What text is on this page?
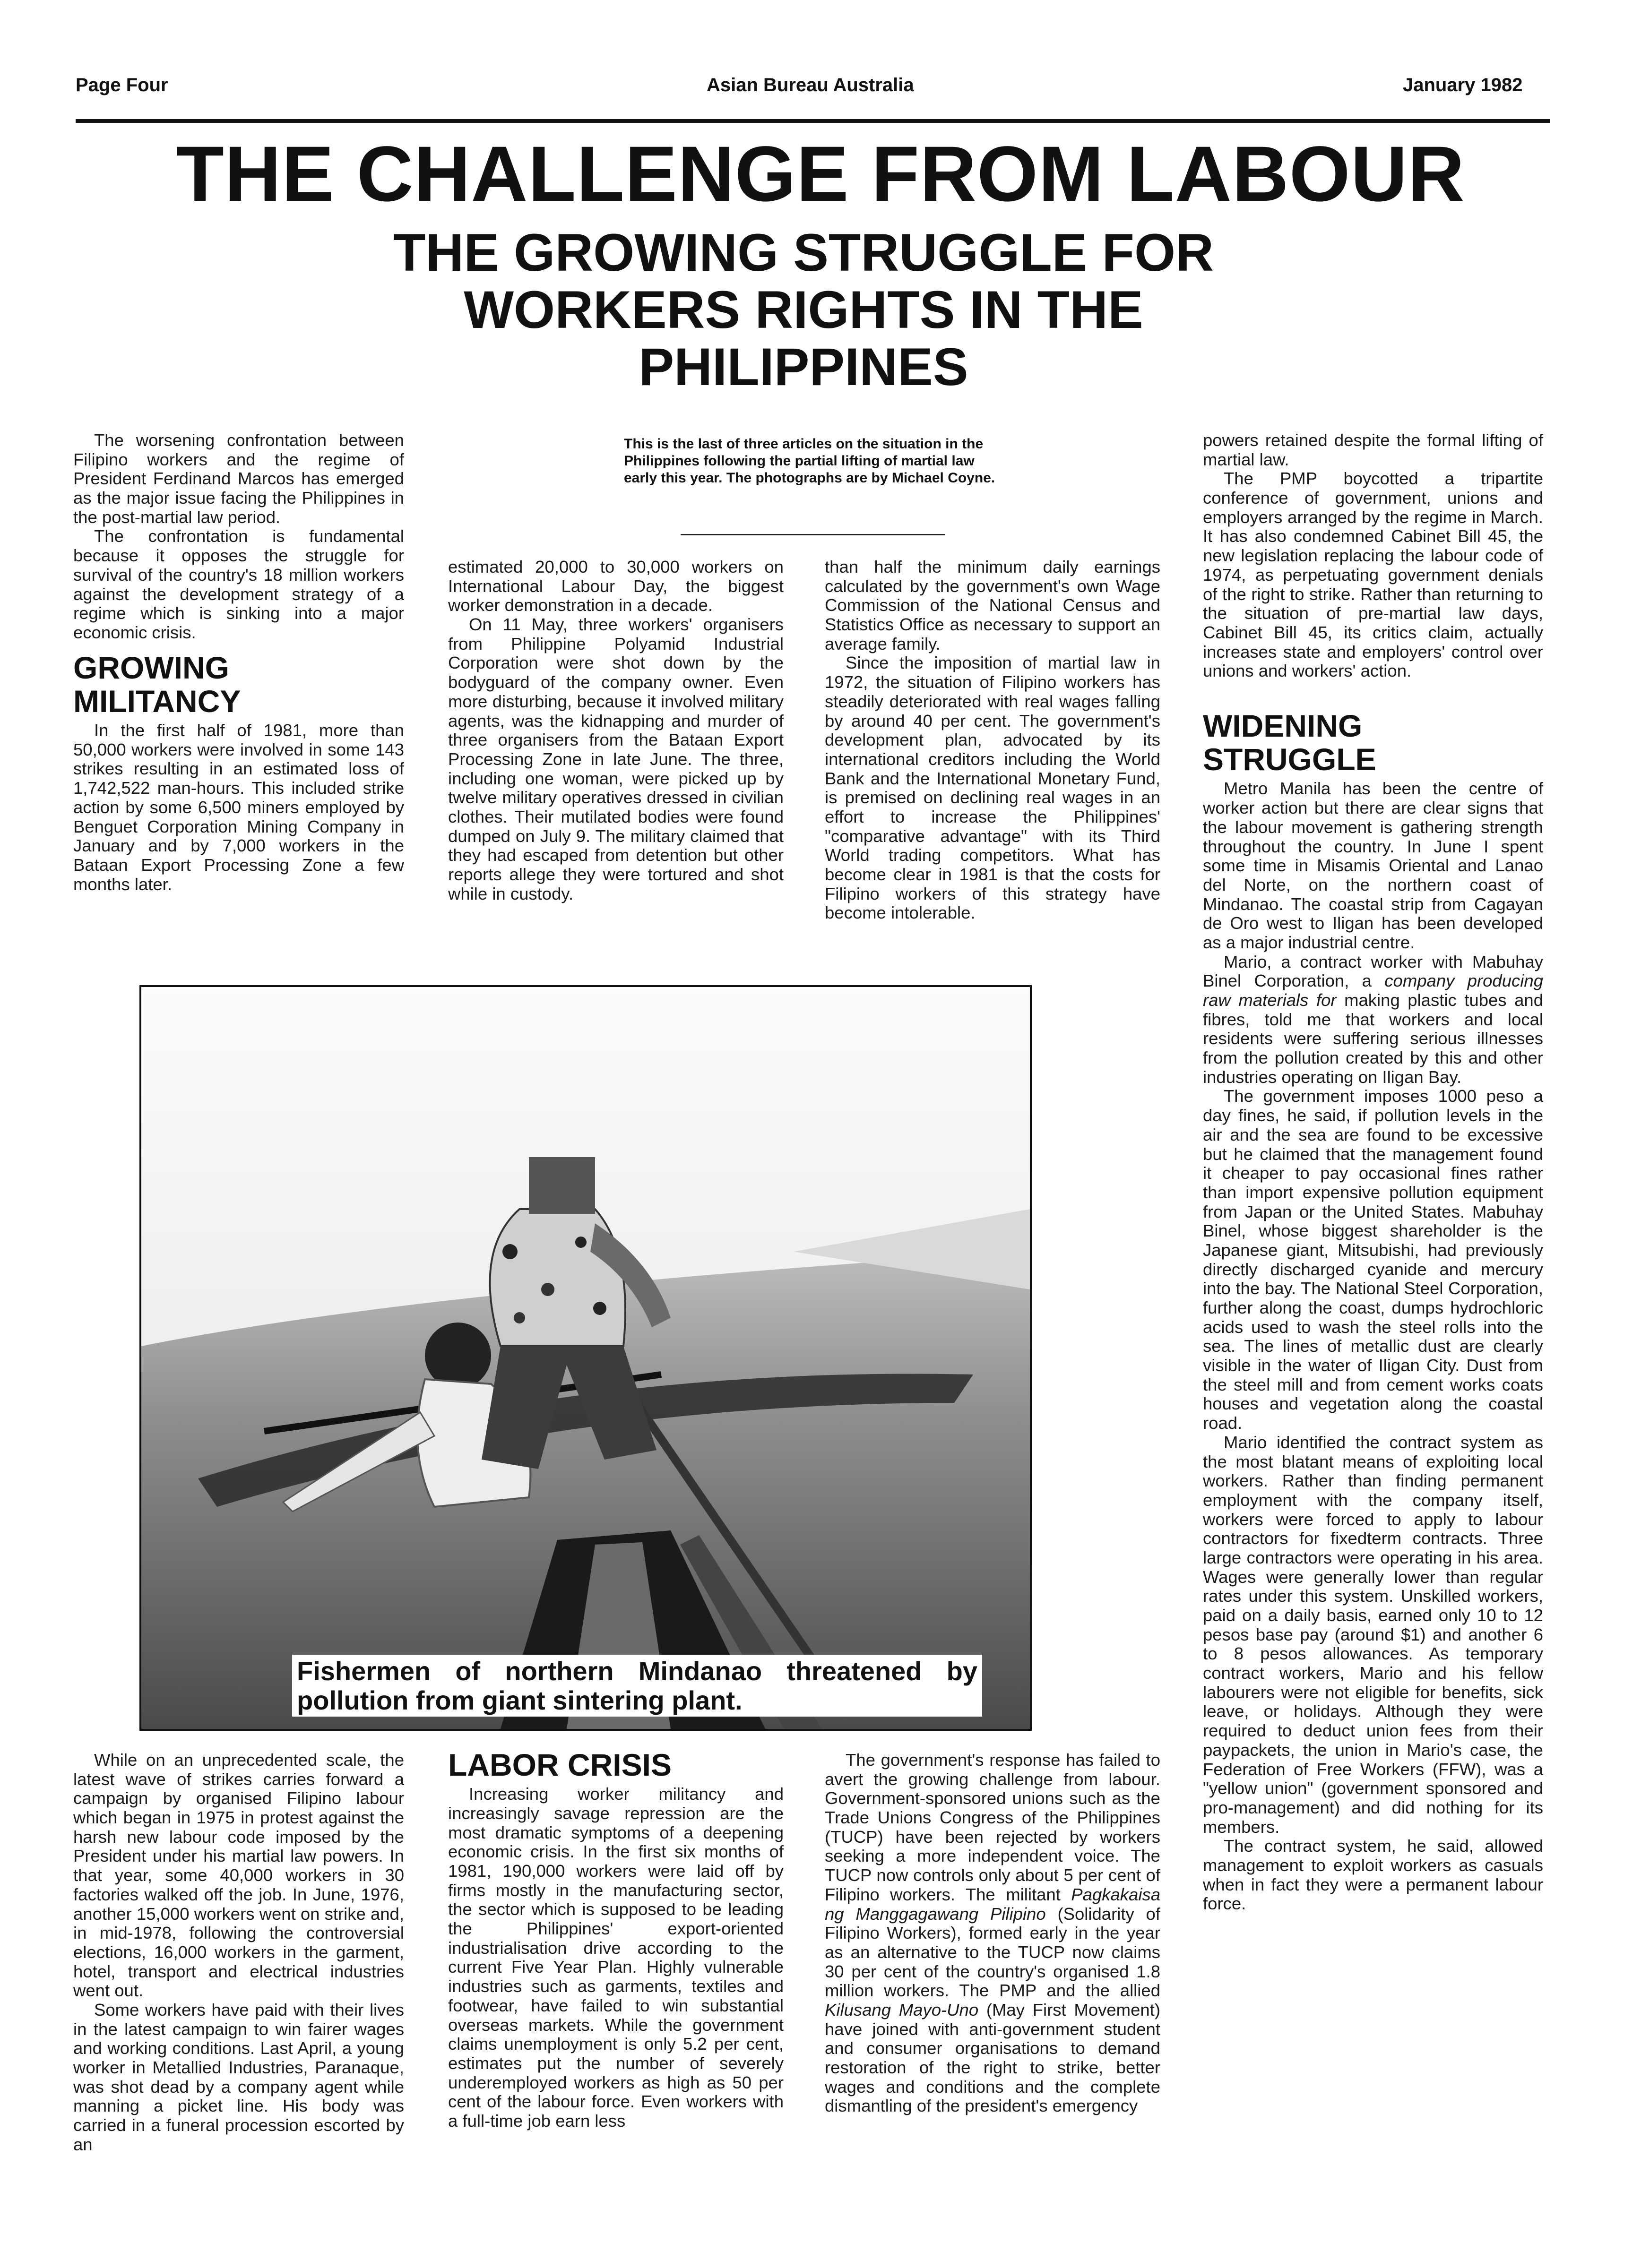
Page Four	Asian Bureau Australia	January 1982
THE CHALLENGE FROM LABOUR
THE GROWING STRUGGLE FOR WORKERS RIGHTS IN THE PHILIPPINES

The worsening confrontation between Filipino workers and the regime of President Ferdinand Marcos has emerged as the major issue facing the Philippines in the post-martial law period.

The confrontation is fundamental because it opposes the struggle for survival of the country's 18 million workers against the development strategy of a regime which is sinking into a major economic crisis.

GROWING MILITANCY

In the first half of 1981, more than 50,000 workers were involved in some 143 strikes resulting in an estimated loss of 1,742,522 man-hours. This included strike action by some 6,500 miners employed by Benguet Corporation Mining Company in January and by 7,000 workers in the Bataan Export Processing Zone a few months later.

This is the last of three articles on the situation in the Philippines following the partial lifting of martial law early this year. The photographs are by Michael Coyne.

estimated 20,000 to 30,000 workers on International Labour Day, the biggest worker demonstration in a decade.

On 11 May, three workers' organisers from Philippine Polyamid Industrial Corporation were shot down by the bodyguard of the company owner. Even more disturbing, because it involved military agents, was the kidnapping and murder of three organisers from the Bataan Export Processing Zone in late June. The three, including one woman, were picked up by twelve military operatives dressed in civilian clothes. Their mutilated bodies were found dumped on July 9. The military claimed that they had escaped from detention but other reports allege they were tortured and shot while in custody.

than half the minimum daily earnings calculated by the government's own Wage Commission of the National Census and Statistics Office as necessary to support an average family.

Since the imposition of martial law in 1972, the situation of Filipino workers has steadily deteriorated with real wages falling by around 40 per cent. The government's development plan, advocated by its international creditors including the World Bank and the International Monetary Fund, is premised on declining real wages in an effort to increase the Philippines' "comparative advantage" with its Third World trading competitors. What has become clear in 1981 is that the costs for Filipino workers of this strategy have become intolerable.

powers retained despite the formal lifting of martial law.

The PMP boycotted a tripartite conference of government, unions and employers arranged by the regime in March. It has also condemned Cabinet Bill 45, the new legislation replacing the labour code of 1974, as perpetuating government denials of the right to strike. Rather than returning to the situation of pre-martial law days, Cabinet Bill 45, its critics claim, actually increases state and employers' control over unions and workers' action.

WIDENING STRUGGLE

Metro Manila has been the centre of worker action but there are clear signs that the labour movement is gathering strength throughout the country. In June I spent some time in Misamis Oriental and Lanao del Norte, on the northern coast of Mindanao. The coastal strip from Cagayan de Oro west to Iligan has been developed as a major industrial centre.

Mario, a contract worker with Mabuhay Binel Corporation, a company producing raw materials for making plastic tubes and fibres, told me that workers and local residents were suffering serious illnesses from the pollution created by this and other industries operating on Iligan Bay.

The government imposes 1000 peso a day fines, he said, if pollution levels in the air and the sea are found to be excessive but he claimed that the management found it cheaper to pay occasional fines rather than import expensive pollution equipment from Japan or the United States. Mabuhay Binel, whose biggest shareholder is the Japanese giant, Mitsubishi, had previously directly discharged cyanide and mercury into the bay. The National Steel Corporation, further along the coast, dumps hydrochloric acids used to wash the steel rolls into the sea. The lines of metallic dust are clearly visible in the water of Iligan City. Dust from the steel mill and from cement works coats houses and vegetation along the coastal road.

Mario identified the contract system as the most blatant means of exploiting local workers. Rather than finding permanent employment with the company itself, workers were forced to apply to labour contractors for fixedterm contracts. Three large contractors were operating in his area. Wages were generally lower than regular rates under this system. Unskilled workers, paid on a daily basis, earned only 10 to 12 pesos base pay (around $1) and another 6 to 8 pesos allowances. As temporary contract workers, Mario and his fellow labourers were not eligible for benefits, sick leave, or holidays. Although they were required to deduct union fees from their paypackets, the union in Mario's case, the Federation of Free Workers (FFW), was a "yellow union" (government sponsored and pro-management) and did nothing for its members.

The contract system, he said, allowed management to exploit workers as casuals when in fact they were a permanent labour force.

Fishermen of northern Mindanao threatened by pollution from giant sintering plant.

While on an unprecedented scale, the latest wave of strikes carries forward a campaign by organised Filipino labour which began in 1975 in protest against the harsh new labour code imposed by the President under his martial law powers. In that year, some 40,000 workers in 30 factories walked off the job. In June, 1976, another 15,000 workers went on strike and, in mid-1978, following the controversial elections, 16,000 workers in the garment, hotel, transport and electrical industries went out.

Some workers have paid with their lives in the latest campaign to win fairer wages and working conditions. Last April, a young worker in Metallied Industries, Paranaque, was shot dead by a company agent while manning a picket line. His body was carried in a funeral procession escorted by an

LABOR CRISIS

Increasing worker militancy and increasingly savage repression are the most dramatic symptoms of a deepening economic crisis. In the first six months of 1981, 190,000 workers were laid off by firms mostly in the manufacturing sector, the sector which is supposed to be leading the Philippines' export-oriented industrialisation drive according to the current Five Year Plan. Highly vulnerable industries such as garments, textiles and footwear, have failed to win substantial overseas markets. While the government claims unemployment is only 5.2 per cent, estimates put the number of severely underemployed workers as high as 50 per cent of the labour force. Even workers with a full-time job earn less

The government's response has failed to avert the growing challenge from labour. Government-sponsored unions such as the Trade Unions Congress of the Philippines (TUCP) have been rejected by workers seeking a more independent voice. The TUCP now controls only about 5 per cent of Filipino workers. The militant Pagkakaisa ng Manggagawang Pilipino (Solidarity of Filipino Workers), formed early in the year as an alternative to the TUCP now claims 30 per cent of the country's organised 1.8 million workers. The PMP and the allied Kilusang Mayo-Uno (May First Movement) have joined with anti-government student and consumer organisations to demand restoration of the right to strike, better wages and conditions and the complete dismantling of the president's emergency
